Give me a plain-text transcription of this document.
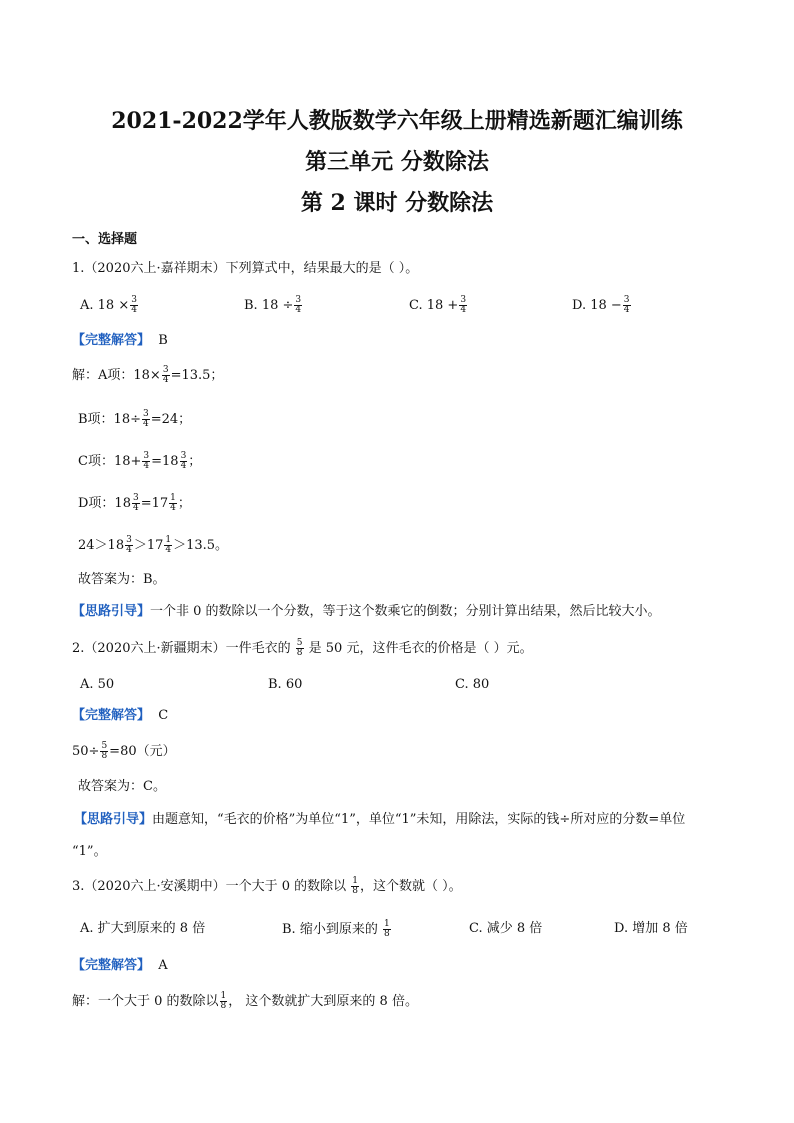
2021-2022学年人教版数学六年级上册精选新题汇编训练
第三单元 分数除法
第 2 课时 分数除法
一、选择题
1.（2020六上·嘉祥期末）下列算式中，结果最大的是（ ）。
A. $18 \times \frac{3}{4}$	B. $18 \div \frac{3}{4}$	C. $18 + \frac{3}{4}$	D. $18 - \frac{3}{4}$
【完整解答】 B
解：A项：$18\times \frac{3}{4} =13.5$；
B项：$18\div \frac{3}{4} =24$；
C项：$18+ \frac{3}{4} =18 \frac{3}{4}$ ；
D项：$18 \frac{3}{4} =17 \frac{1}{4}$ ；
$24>18 \frac{3}{4} >17 \frac{1}{4} >13.5$。
故答案为：B。
【思路引导】一个非 0 的数除以一个分数，等于这个数乘它的倒数；分别计算出结果，然后比较大小。
2.（2020六上·新疆期末）一件毛衣的 $\frac{5}{8}$ 是 50 元，这件毛衣的价格是（ ）元。
A. 50	B. 60	C. 80
【完整解答】 C
$50\div \frac{5}{8} =80$（元）
故答案为：C。
【思路引导】由题意知，“毛衣的价格”为单位“1”，单位“1”未知，用除法，实际的钱÷所对应的分数=单位
“1”。
3.（2020六上·安溪期中）一个大于 0 的数除以 $\frac{1}{8}$ ，这个数就（ ）。
A. 扩大到原来的 8 倍	B. 缩小到原来的 $\frac{1}{8}$	C. 减少 8 倍	D. 增加 8 倍
【完整解答】 A
解：一个大于 0 的数除以 $\frac{1}{8}$ ， 这个数就扩大到原来的 8 倍。
